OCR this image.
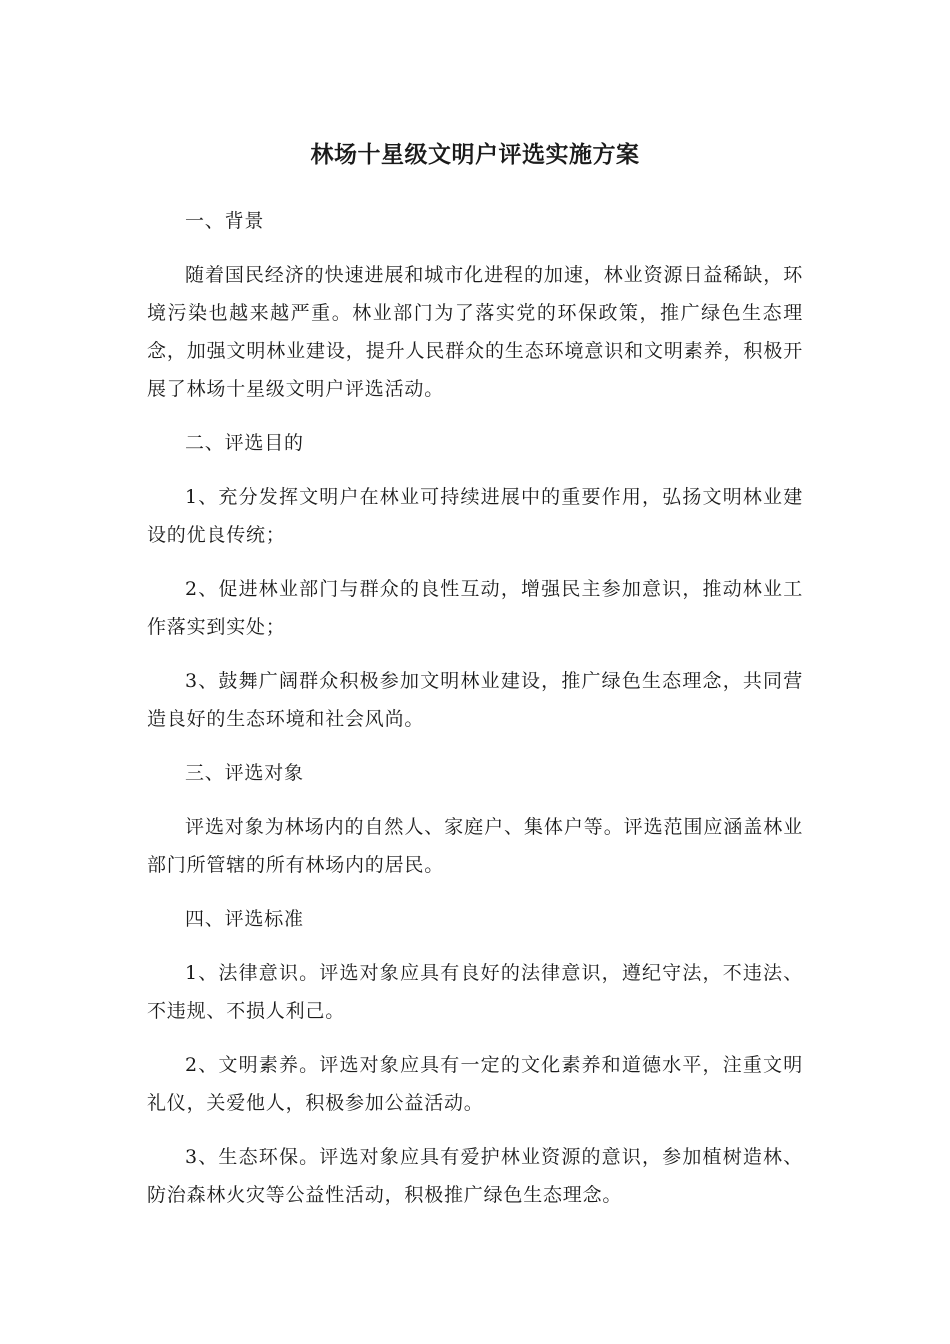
林场十星级文明户评选实施方案

一、背景

随着国民经济的快速进展和城市化进程的加速，林业资源日益稀缺，环境污染也越来越严重。林业部门为了落实党的环保政策，推广绿色生态理念，加强文明林业建设，提升人民群众的生态环境意识和文明素养，积极开展了林场十星级文明户评选活动。

二、评选目的

1、充分发挥文明户在林业可持续进展中的重要作用，弘扬文明林业建设的优良传统；

2、促进林业部门与群众的良性互动，增强民主参加意识，推动林业工作落实到实处；

3、鼓舞广阔群众积极参加文明林业建设，推广绿色生态理念，共同营造良好的生态环境和社会风尚。

三、评选对象

评选对象为林场内的自然人、家庭户、集体户等。评选范围应涵盖林业部门所管辖的所有林场内的居民。

四、评选标准

1、法律意识。评选对象应具有良好的法律意识，遵纪守法，不违法、不违规、不损人利己。

2、文明素养。评选对象应具有一定的文化素养和道德水平，注重文明礼仪，关爱他人，积极参加公益活动。

3、生态环保。评选对象应具有爱护林业资源的意识，参加植树造林、防治森林火灾等公益性活动，积极推广绿色生态理念。
